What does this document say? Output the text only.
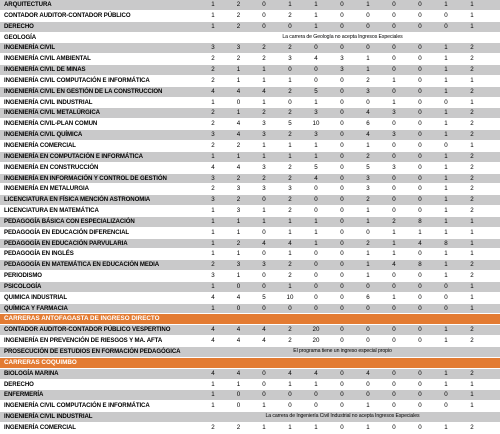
ARQUITECTURA	1	2	0	1	1	0	1	0	0	1	1	
CONTADOR AUDITOR-CONTADOR PÚBLICO	1	2	0	2	1	0	0	0	0	0	1	
DERECHO	1	2	0	0	1	0	0	0	0	0	1	
GEOLOGÍA	La carrera de Geología no acepta Ingresos Especiales											
INGENIERÍA CIVIL	3	3	2	2	0	0	0	0	0	1	2	
INGENIERÍA CIVIL AMBIENTAL	2	2	2	3	4	3	1	0	0	1	2	
INGENIERÍA CIVIL DE MINAS	2	1	1	0	0	3	1	0	0	1	2	
INGENIERÍA CIVIL COMPUTACIÓN E INFORMÁTICA	2	1	1	1	0	0	2	1	0	1	1	
INGENIERÍA CIVIL EN GESTIÓN DE LA CONSTRUCCION	4	4	4	2	5	0	3	0	0	1	2	
INGENIERÍA CIVIL INDUSTRIAL	1	0	1	0	1	0	0	1	0	0	1	
INGENIERÍA CIVIL METALÚRGICA	2	1	2	2	3	0	4	3	0	1	2	
INGENIERÍA CIVIL-PLAN COMUN	2	4	3	5	10	0	6	0	0	1	2	
INGENIERÍA CIVIL QUÍMICA	3	4	3	2	3	0	4	3	0	1	2	
INGENIERÍA COMERCIAL	2	2	1	1	1	0	1	0	0	0	1	
INGENIERÍA EN COMPUTACIÓN E INFORMÁTICA	1	1	1	1	1	0	2	0	0	1	2	
INGENIERÍA EN CONSTRUCCIÓN	4	4	3	2	5	0	5	3	0	1	2	
INGENIERÍA EN INFORMACIÓN Y CONTROL DE GESTIÓN	3	2	2	2	4	0	3	0	0	1	2	
INGENIERÍA EN METALURGIA	2	3	3	3	0	0	3	0	0	1	2	
LICENCIATURA EN FÍSICA MENCIÓN ASTRONOMIA	3	2	0	2	0	0	2	0	0	1	2	
LICENCIATURA EN MATEMÁTICA	1	3	1	2	0	0	1	0	0	1	2	
PEDAGOGÍA BÁSICA CON ESPECIALIZACIÓN	1	1	1	1	1	0	1	2	8	1	1	
PEDAGOGÍA EN EDUCACIÓN DIFERENCIAL	1	1	0	1	1	0	0	1	1	1	1	
PEDAGOGÍA EN EDUCACIÓN PARVULARIA	1	2	4	4	1	0	2	1	4	8	1	
PEDAGOGÍA EN INGLÉS	1	1	0	1	0	0	1	1	0	1	1	
PEDAGOGÍA EN MATEMÁTICA EN EDUCACIÓN MEDIA	2	3	3	2	0	0	1	4	8	1	2	
PERIODISMO	3	1	0	2	0	0	1	0	0	1	2	
PSICOLOGÍA	1	0	0	1	0	0	0	0	0	0	1	
QUIMICA INDUSTRIAL	4	4	5	10	0	0	6	1	0	0	1	
QUÍMICA Y FARMACIA	1	0	0	0	0	0	0	0	0	0	1	
CARRERAS ANTOFAGASTA DE INGRESO DIRECTO												
CONTADOR AUDITOR-CONTADOR PÚBLICO VESPERTINO	4	4	4	2	20	0	0	0	0	1	2	
INGENIERÍA EN PREVENCIÓN DE RIESGOS Y MA. AFTA	4	4	4	2	20	0	0	0	0	1	2	
PROSECUCIÓN DE ESTUDIOS EN FORMACIÓN PEDAGÓGICA	El programa tiene un ingreso especial propio											
CARRERAS COQUIMBO												
BIOLOGÍA MARINA	4	4	0	4	4	0	4	0	0	1	2	
DERECHO	1	1	0	1	1	0	0	0	0	1	1	
ENFERMERÍA	1	0	0	0	0	0	0	0	0	0	1	
INGENIERÍA CIVIL COMPUTACIÓN E INFORMÁTICA	1	0	1	0	0	0	1	0	0	0	1	
INGENIERÍA CIVIL INDUSTRIAL	La carrera de Ingeniería Civil Industrial no acepta Ingresos Especiales											
INGENIERÍA COMERCIAL	2	2	1	1	1	0	1	0	0	1	2	
